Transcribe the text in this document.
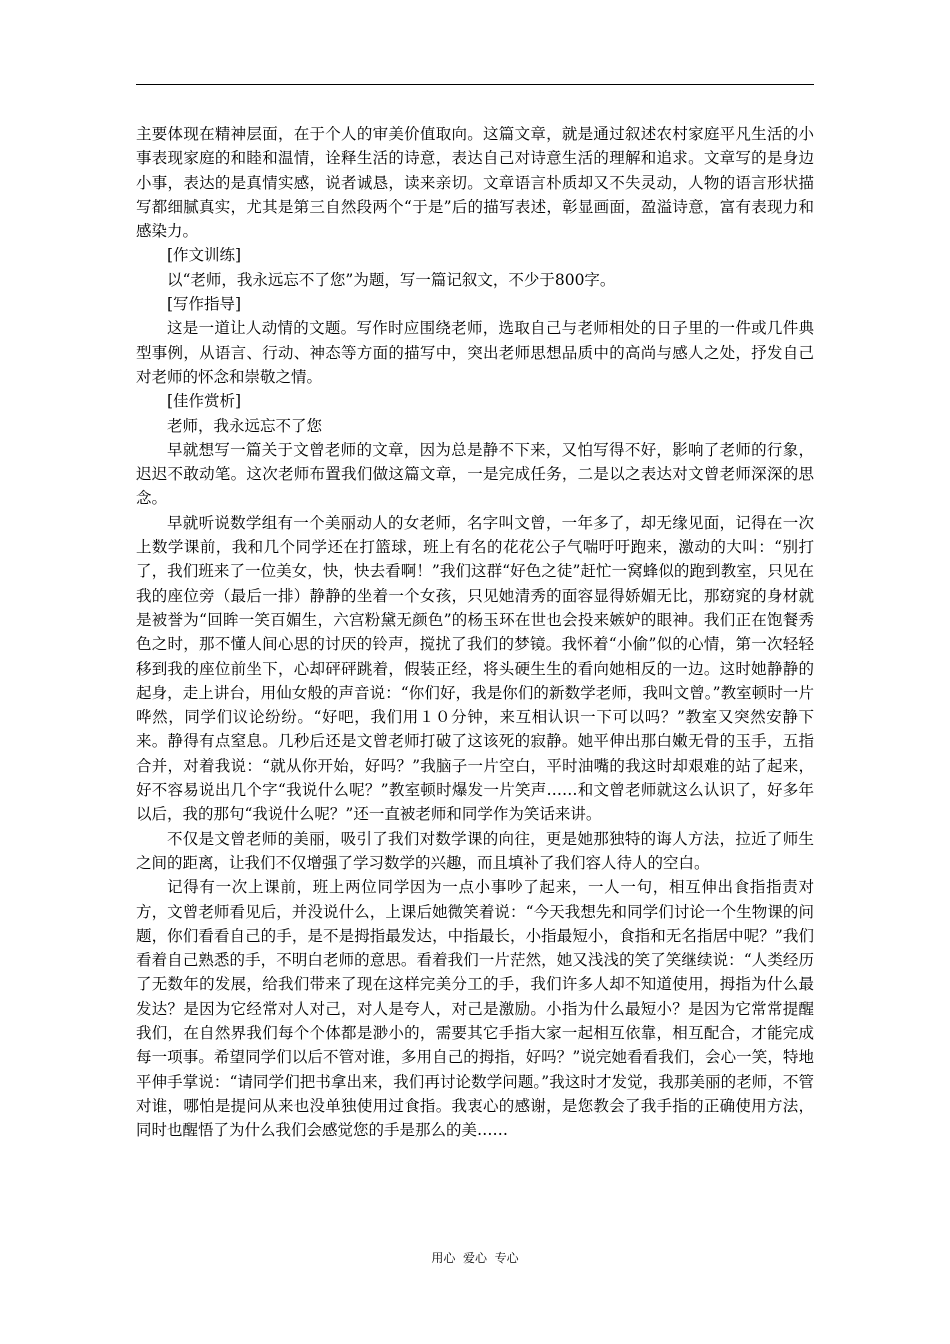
主要体现在精神层面，在于个人的审美价值取向。这篇文章，就是通过叙述农村家庭平凡生活的小事表现家庭的和睦和温情，诠释生活的诗意，表达自己对诗意生活的理解和追求。文章写的是身边小事，表达的是真情实感，说者诚恳，读来亲切。文章语言朴质却又不失灵动，人物的语言形状描写都细腻真实，尤其是第三自然段两个“于是”后的描写表述，彰显画面，盈溢诗意，富有表现力和感染力。

[作文训练]

以“老师，我永远忘不了您”为题，写一篇记叙文，不少于800字。

[写作指导]

这是一道让人动情的文题。写作时应围绕老师，选取自己与老师相处的日子里的一件或几件典型事例，从语言、行动、神态等方面的描写中，突出老师思想品质中的高尚与感人之处，抒发自己对老师的怀念和崇敬之情。

[佳作赏析]

老师，我永远忘不了您

早就想写一篇关于文曾老师的文章，因为总是静不下来，又怕写得不好，影响了老师的行象，迟迟不敢动笔。这次老师布置我们做这篇文章，一是完成任务，二是以之表达对文曾老师深深的思念。

早就听说数学组有一个美丽动人的女老师，名字叫文曾，一年多了，却无缘见面，记得在一次上数学课前，我和几个同学还在打篮球，班上有名的花花公子气喘吁吁跑来，激动的大叫：“别打了，我们班来了一位美女，快，快去看啊！”我们这群“好色之徒”赶忙一窝蜂似的跑到教室，只见在我的座位旁（最后一排）静静的坐着一个女孩，只见她清秀的面容显得娇媚无比，那窈窕的身材就是被誉为“回眸一笑百媚生，六宫粉黛无颜色”的杨玉环在世也会投来嫉妒的眼神。我们正在饱餐秀色之时，那不懂人间心思的讨厌的铃声，搅扰了我们的梦镜。我怀着“小偷”似的心情，第一次轻轻移到我的座位前坐下，心却砰砰跳着，假装正经，将头硬生生的看向她相反的一边。这时她静静的起身，走上讲台，用仙女般的声音说：“你们好，我是你们的新数学老师，我叫文曾。”教室顿时一片哗然，同学们议论纷纷。“好吧，我们用１０分钟，来互相认识一下可以吗？”教室又突然安静下来。静得有点窒息。几秒后还是文曾老师打破了这该死的寂静。她平伸出那白嫩无骨的玉手，五指合并，对着我说：“就从你开始，好吗？”我脑子一片空白，平时油嘴的我这时却艰难的站了起来，好不容易说出几个字“我说什么呢？”教室顿时爆发一片笑声……和文曾老师就这么认识了，好多年以后，我的那句“我说什么呢？”还一直被老师和同学作为笑话来讲。

不仅是文曾老师的美丽，吸引了我们对数学课的向往，更是她那独特的诲人方法，拉近了师生之间的距离，让我们不仅增强了学习数学的兴趣，而且填补了我们容人待人的空白。

记得有一次上课前，班上两位同学因为一点小事吵了起来，一人一句，相互伸出食指指责对方，文曾老师看见后，并没说什么，上课后她微笑着说：“今天我想先和同学们讨论一个生物课的问题，你们看看自己的手，是不是拇指最发达，中指最长，小指最短小，食指和无名指居中呢？”我们看着自己熟悉的手，不明白老师的意思。看着我们一片茫然，她又浅浅的笑了笑继续说：“人类经历了无数年的发展，给我们带来了现在这样完美分工的手，我们许多人却不知道使用，拇指为什么最发达？是因为它经常对人对己，对人是夸人，对己是激励。小指为什么最短小？是因为它常常提醒我们，在自然界我们每个个体都是渺小的，需要其它手指大家一起相互依靠，相互配合，才能完成每一项事。希望同学们以后不管对谁，多用自己的拇指，好吗？”说完她看看我们，会心一笑，特地平伸手掌说：“请同学们把书拿出来，我们再讨论数学问题。”我这时才发觉，我那美丽的老师，不管对谁，哪怕是提问从来也没单独使用过食指。我衷心的感谢，是您教会了我手指的正确使用方法，同时也醒悟了为什么我们会感觉您的手是那么的美……

用心  爱心  专心
